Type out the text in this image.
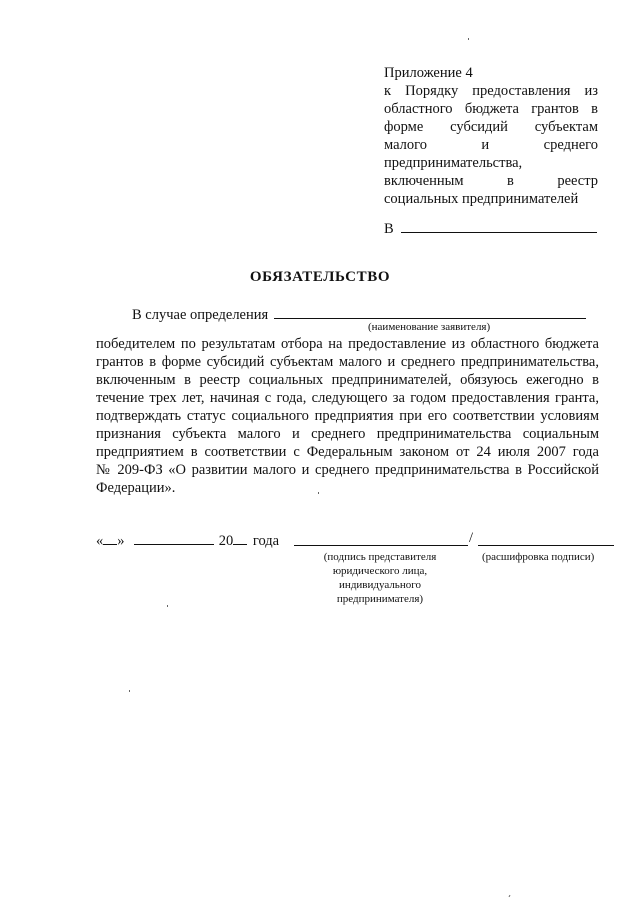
Приложение 4
к Порядку предоставления из
областного бюджета грантов в
форме субсидий субъектам
малого	и	среднего
предпринимательства,
включенным	в	реестр
социальных предпринимателей
В
ОБЯЗАТЕЛЬСТВО
В случае определения
(наименование заявителя)
победителем по результатам отбора на предоставление из областного бюджета
грантов в форме субсидий субъектам малого и среднего предпринимательства,
включенным в реестр социальных предпринимателей, обязуюсь ежегодно в
течение трех лет, начиная с года, следующего за годом предоставления гранта,
подтверждать статус социального предприятия при его соответствии условиям
признания субъекта малого и среднего предпринимательства социальным
предприятием в соответствии с Федеральным законом от 24 июля 2007 года
№ 209-ФЗ «О развитии малого и среднего предпринимательства в Российской
Федерации».
« »	20 года	/
(подпись представителя
юридического лица,
индивидуального
предпринимателя)
(расшифровка подписи)
